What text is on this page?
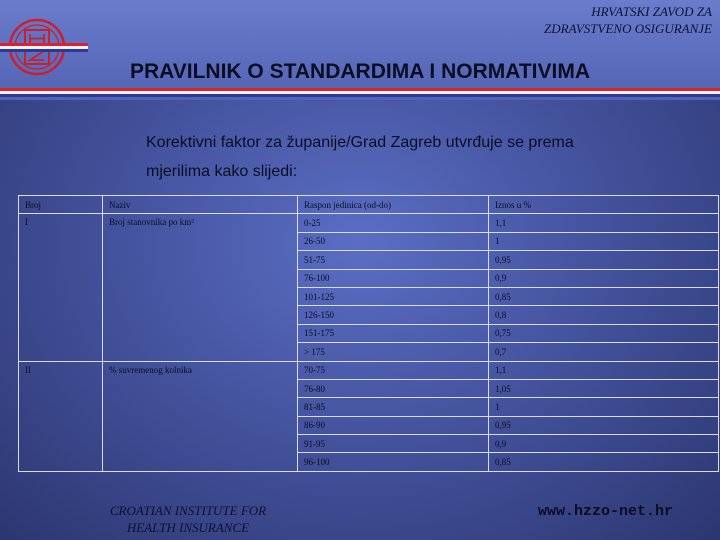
HRVATSKI ZAVOD ZA
ZDRAVSTVENO OSIGURANJE
PRAVILNIK O STANDARDIMA I NORMATIVIMA
Korektivni faktor za županije/Grad Zagreb utvrđuje se prema
mjerilima kako slijedi:
Broj	Naziv	Raspon jedinica (od-do)	Iznos u %
I	Broj stanovnika po km²	0-25	1,1
		26-50	1
		51-75	0,95
		76-100	0,9
		101-125	0,85
		126-150	0,8
		151-175	0,75
		> 175	0,7
II	% suvremenog kolnika	70-75	1,1
		76-80	1,05
		81-85	1
		86-90	0,95
		91-95	0,9
		96-100	0,85
CROATIAN INSTITUTE FOR
HEALTH INSURANCE
www.hzzo-net.hr
